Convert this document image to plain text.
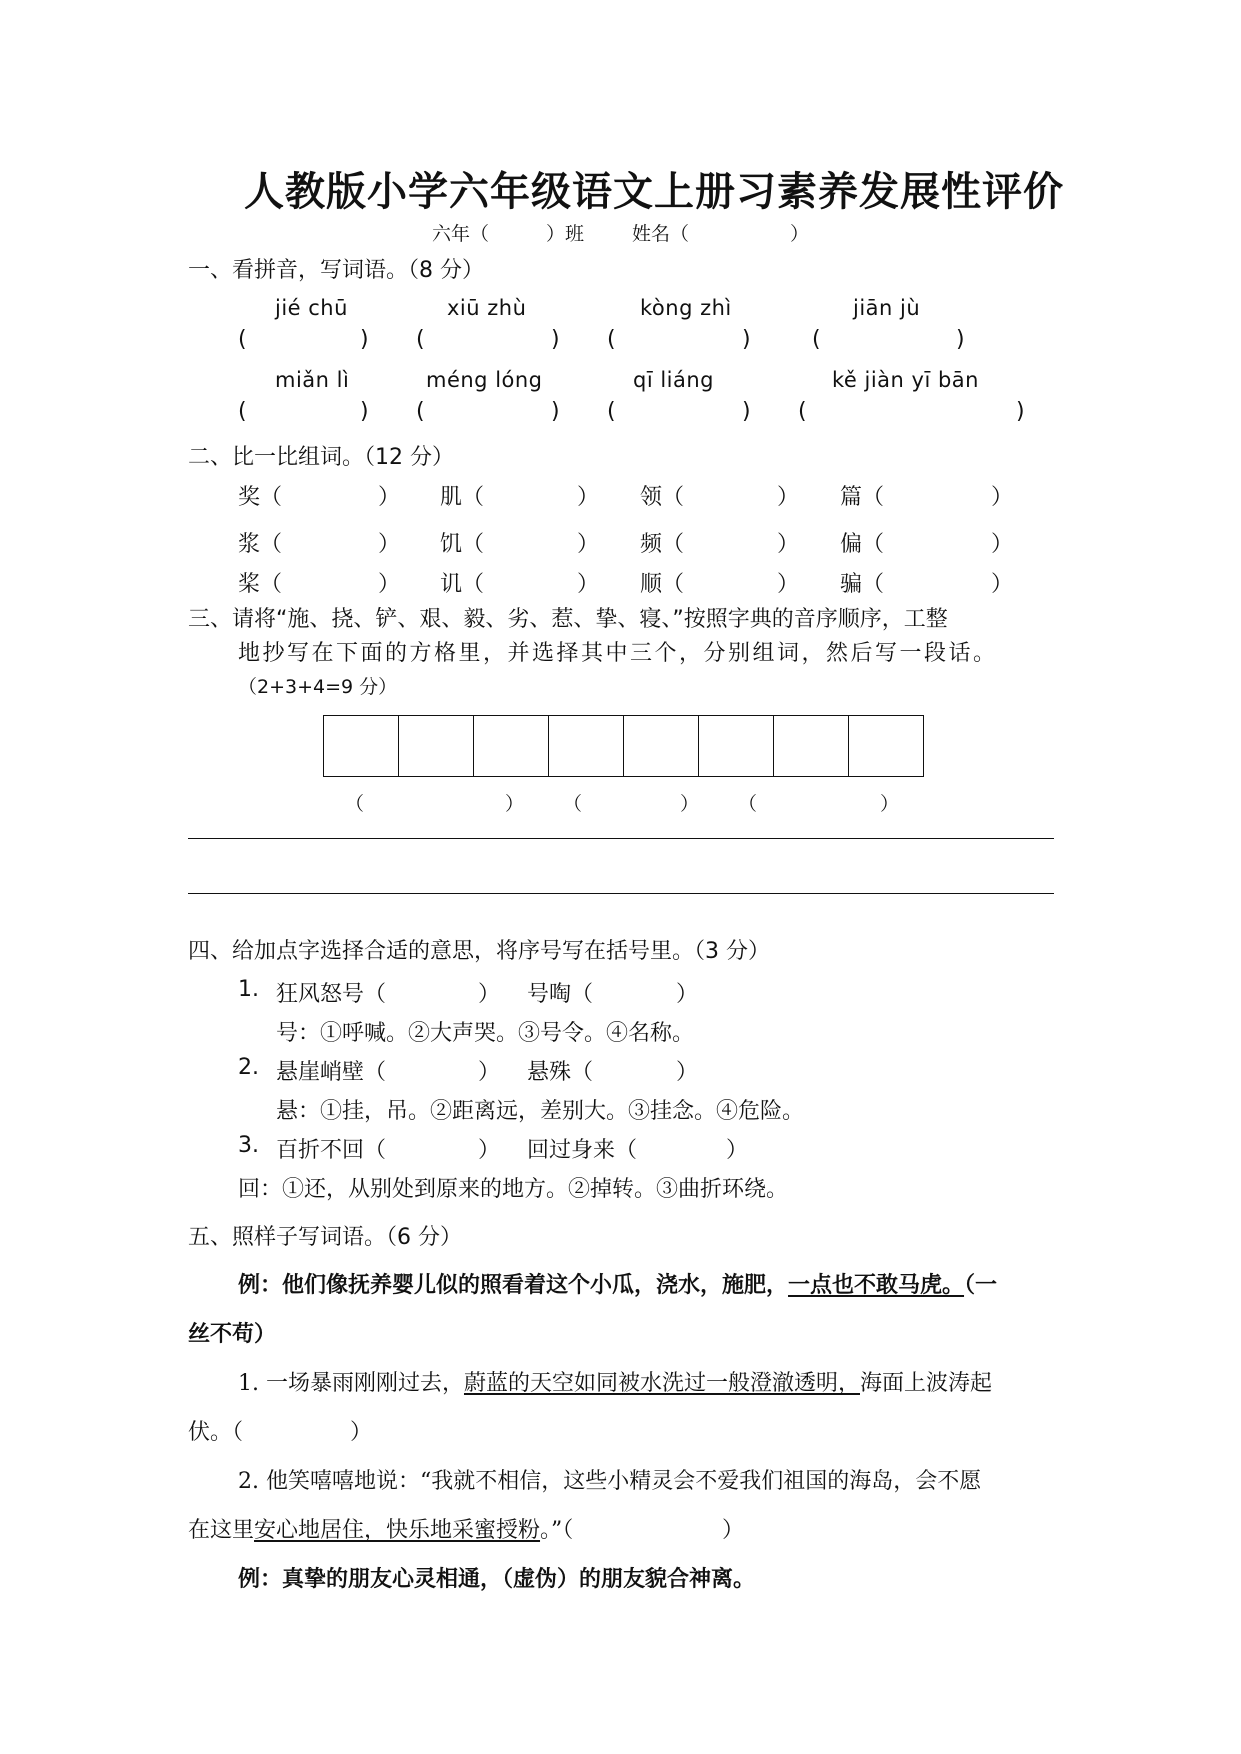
人教版小学六年级语文上册习素养发展性评价
六年（	）班	姓名（	）
一、看拼音，写词语。（8 分）
jié chū	xiū zhù	kòng zhì	jiān jù
(	) (	) (	)	(	)
miǎn lì	méng lóng	qī liáng	kě jiàn yī bān
(	) (	) (	) (	)
二、比一比组词。（12 分）
奖（	） 肌（	） 领（	） 篇（	）
浆（	） 饥（	） 频（	） 偏（	）
桨（	） 讥（	） 顺（	） 骗（	）
三、请将“施、挠、铲、艰、毅、劣、惹、挚、寝、”按照字典的音序顺序，工整
地抄写在下面的方格里，并选择其中三个，分别组词，然后写一段话。
（2+3+4=9 分）
（	） （	） （	）
四、给加点字选择合适的意思，将序号写在括号里。（3 分）
1. 狂风怒号（	） 号啕（	）
号：①呼喊。②大声哭。③号令。④名称。
2. 悬崖峭壁（	） 悬殊（	）
悬：①挂，吊。②距离远，差别大。③挂念。④危险。
3. 百折不回（	） 回过身来（	）
回：①还，从别处到原来的地方。②掉转。③曲折环绕。
五、照样子写词语。（6 分）
例：他们像抚养婴儿似的照看着这个小瓜，浇水，施肥，一点也不敢马虎。（一
丝不苟）
1. 一场暴雨刚刚过去，蔚蓝的天空如同被水洗过一般澄澈透明，海面上波涛起
伏。（	）
2. 他笑嘻嘻地说：“我就不相信，这些小精灵会不爱我们祖国的海岛，会不愿
在这里安心地居住，快乐地采蜜授粉。”（	）
例：真挚的朋友心灵相通，（虚伪）的朋友貌合神离。
